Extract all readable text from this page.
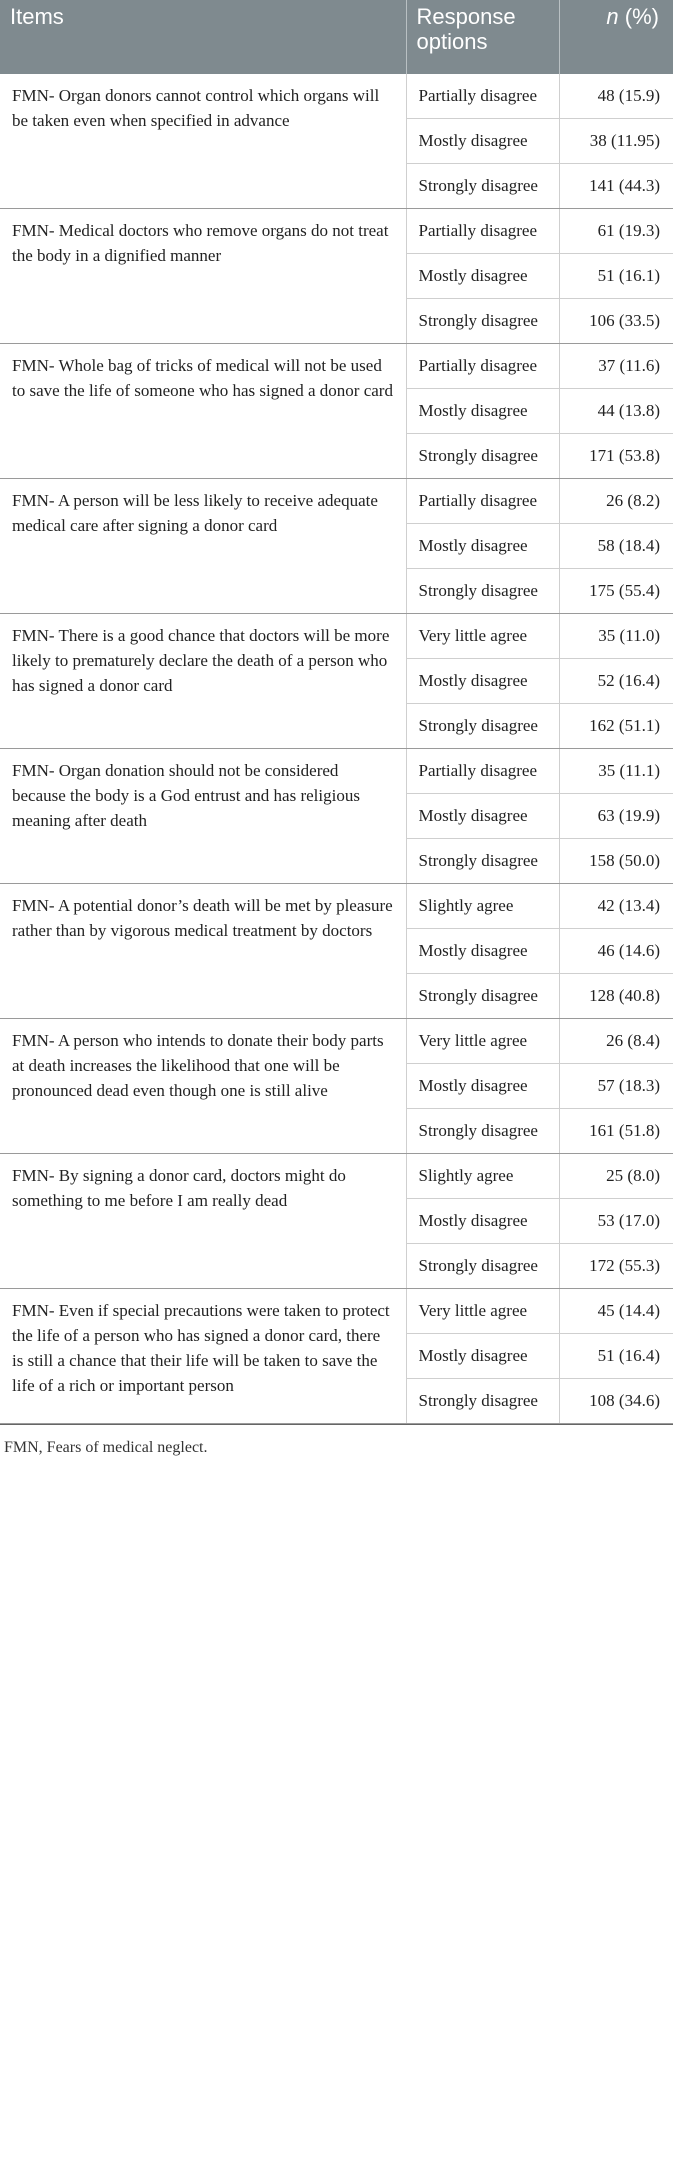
Items	Response options	n (%)
FMN- Organ donors cannot control which organs will be taken even when specified in advance	Partially disagree	48 (15.9)
	Mostly disagree	38 (11.95)
	Strongly disagree	141 (44.3)
FMN- Medical doctors who remove organs do not treat the body in a dignified manner	Partially disagree	61 (19.3)
	Mostly disagree	51 (16.1)
	Strongly disagree	106 (33.5)
FMN- Whole bag of tricks of medical will not be used to save the life of someone who has signed a donor card	Partially disagree	37 (11.6)
	Mostly disagree	44 (13.8)
	Strongly disagree	171 (53.8)
FMN- A person will be less likely to receive adequate medical care after signing a donor card	Partially disagree	26 (8.2)
	Mostly disagree	58 (18.4)
	Strongly disagree	175 (55.4)
FMN- There is a good chance that doctors will be more likely to prematurely declare the death of a person who has signed a donor card	Very little agree	35 (11.0)
	Mostly disagree	52 (16.4)
	Strongly disagree	162 (51.1)
FMN- Organ donation should not be considered because the body is a God entrust and has religious meaning after death	Partially disagree	35 (11.1)
	Mostly disagree	63 (19.9)
	Strongly disagree	158 (50.0)
FMN- A potential donor’s death will be met by pleasure rather than by vigorous medical treatment by doctors	Slightly agree	42 (13.4)
	Mostly disagree	46 (14.6)
	Strongly disagree	128 (40.8)
FMN- A person who intends to donate their body parts at death increases the likelihood that one will be pronounced dead even though one is still alive	Very little agree	26 (8.4)
	Mostly disagree	57 (18.3)
	Strongly disagree	161 (51.8)
FMN- By signing a donor card, doctors might do something to me before I am really dead	Slightly agree	25 (8.0)
	Mostly disagree	53 (17.0)
	Strongly disagree	172 (55.3)
FMN- Even if special precautions were taken to protect the life of a person who has signed a donor card, there is still a chance that their life will be taken to save the life of a rich or important person	Very little agree	45 (14.4)
	Mostly disagree	51 (16.4)
	Strongly disagree	108 (34.6)
FMN, Fears of medical neglect.
